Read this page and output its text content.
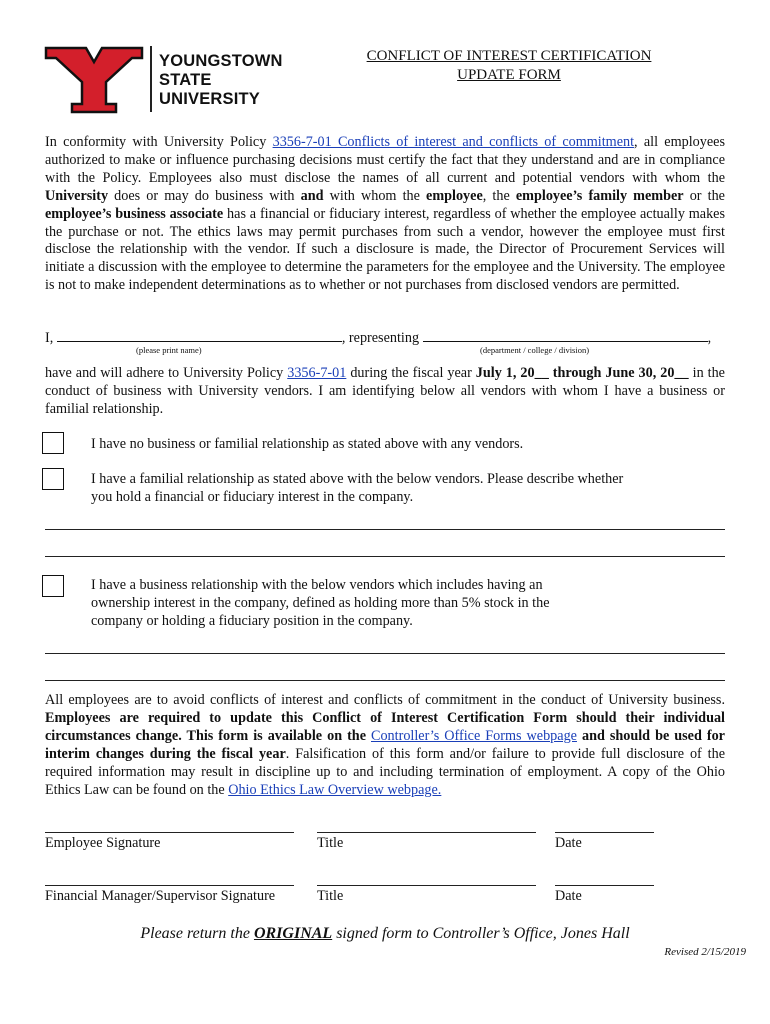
YOUNGSTOWN
STATE
UNIVERSITY
CONFLICT OF INTEREST CERTIFICATION
UPDATE FORM

In conformity with University Policy 3356-7-01 Conflicts of interest and conflicts of commitment, all employees authorized to make or influence purchasing decisions must certify the fact that they understand and are in compliance with the Policy. Employees also must disclose the names of all current and potential vendors with whom the University does or may do business with and with whom the employee, the employee’s family member or the employee’s business associate has a financial or fiduciary interest, regardless of whether the employee actually makes the purchase or not. The ethics laws may permit purchases from such a vendor, however the employee must first disclose the relationship with the vendor. If such a disclosure is made, the Director of Procurement Services will initiate a discussion with the employee to determine the parameters for the employee and the University. The employee is not to make independent determinations as to whether or not purchases from disclosed vendors are permitted.

I,	, representing	,
(please print name)	(department / college / division)

have and will adhere to University Policy 3356-7-01 during the fiscal year July 1, 20__ through June 30, 20__ in the conduct of business with University vendors. I am identifying below all vendors with whom I have a business or familial relationship.

I have no business or familial relationship as stated above with any vendors.
I have a familial relationship as stated above with the below vendors. Please describe whether you hold a financial or fiduciary interest in the company.
I have a business relationship with the below vendors which includes having an ownership interest in the company, defined as holding more than 5% stock in the company or holding a fiduciary position in the company.

All employees are to avoid conflicts of interest and conflicts of commitment in the conduct of University business. Employees are required to update this Conflict of Interest Certification Form should their individual circumstances change. This form is available on the Controller’s Office Forms webpage and should be used for interim changes during the fiscal year. Falsification of this form and/or failure to provide full disclosure of the required information may result in discipline up to and including termination of employment. A copy of the Ohio Ethics Law can be found on the Ohio Ethics Law Overview webpage.

Employee Signature	Title	Date
Financial Manager/Supervisor Signature	Title	Date
Please return the ORIGINAL signed form to Controller’s Office, Jones Hall
Revised 2/15/2019
